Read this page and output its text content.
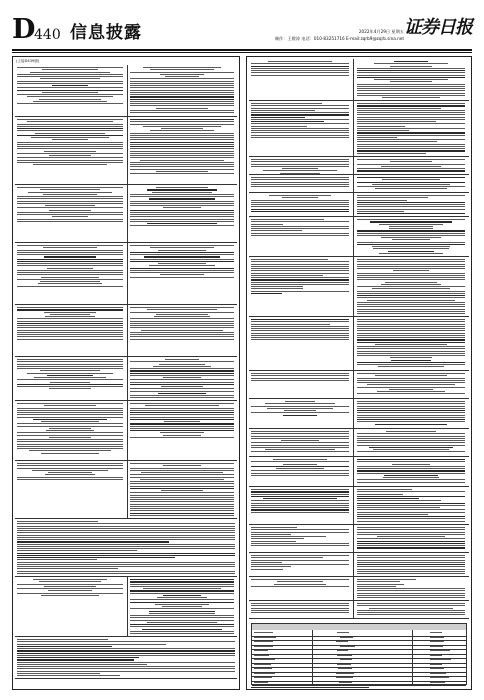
D
440 信息披露	2022年4月29日 星期五
制作：王敬涛 电话：010-83251716 E-mail:zqrb9@zqrb.sina.net
证券日报
(上接D439版)
